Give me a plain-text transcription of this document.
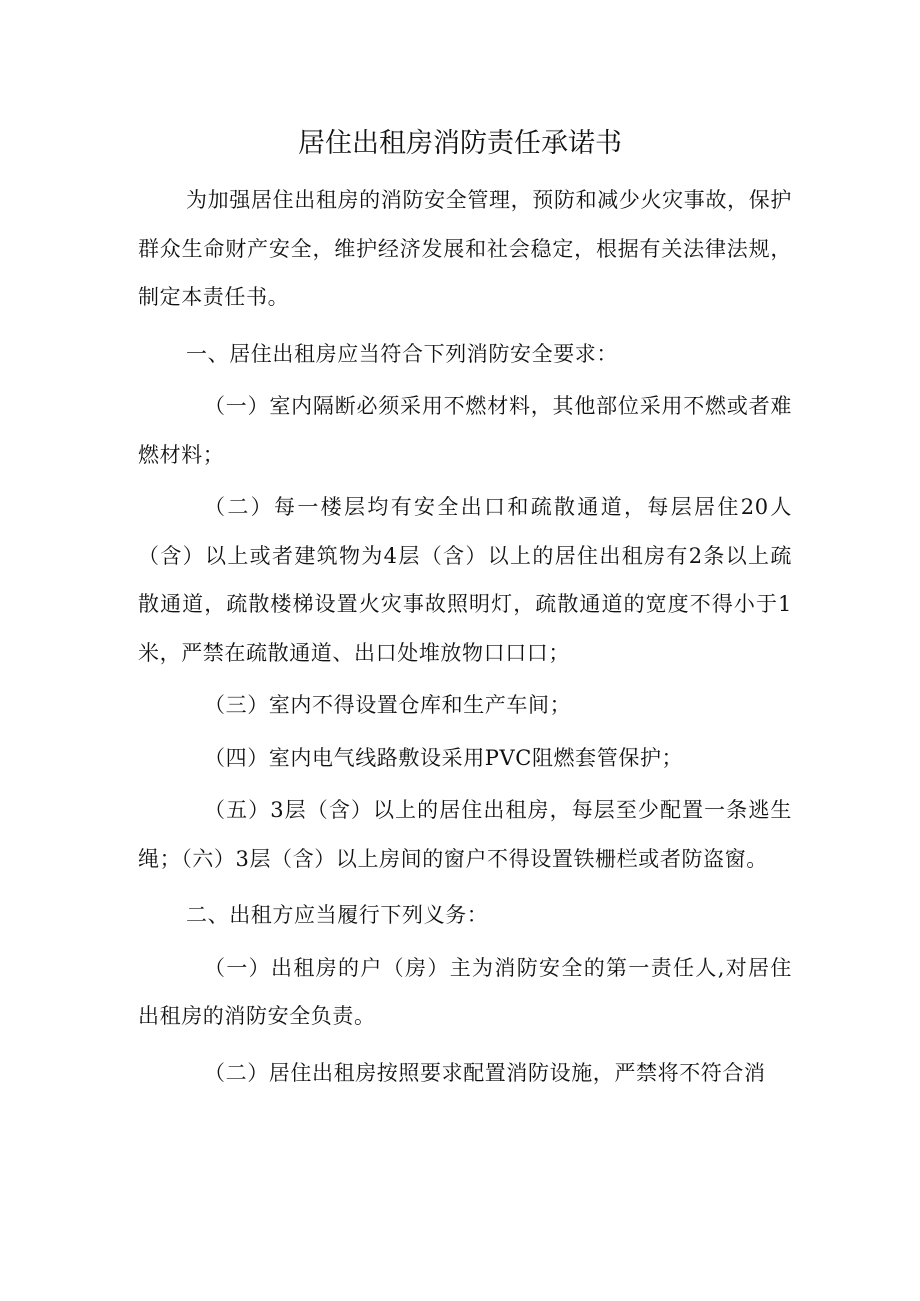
居住出租房消防责任承诺书

为加强居住出租房的消防安全管理，预防和减少火灾事故，保护群众生命财产安全，维护经济发展和社会稳定，根据有关法律法规，制定本责任书。

一、居住出租房应当符合下列消防安全要求：

（一）室内隔断必须采用不燃材料，其他部位采用不燃或者难燃材料；

（二）每一楼层均有安全出口和疏散通道，每层居住20人（含）以上或者建筑物为4层（含）以上的居住出租房有2条以上疏散通道，疏散楼梯设置火灾事故照明灯，疏散通道的宽度不得小于1米，严禁在疏散通道、出口处堆放物口口口；

（三）室内不得设置仓库和生产车间；

（四）室内电气线路敷设采用PVC阻燃套管保护；

（五）3层（含）以上的居住出租房，每层至少配置一条逃生绳；（六）3层（含）以上房间的窗户不得设置铁栅栏或者防盗窗。

二、出租方应当履行下列义务：

（一）出租房的户（房）主为消防安全的第一责任人,对居住出租房的消防安全负责。

（二）居住出租房按照要求配置消防设施，严禁将不符合消
